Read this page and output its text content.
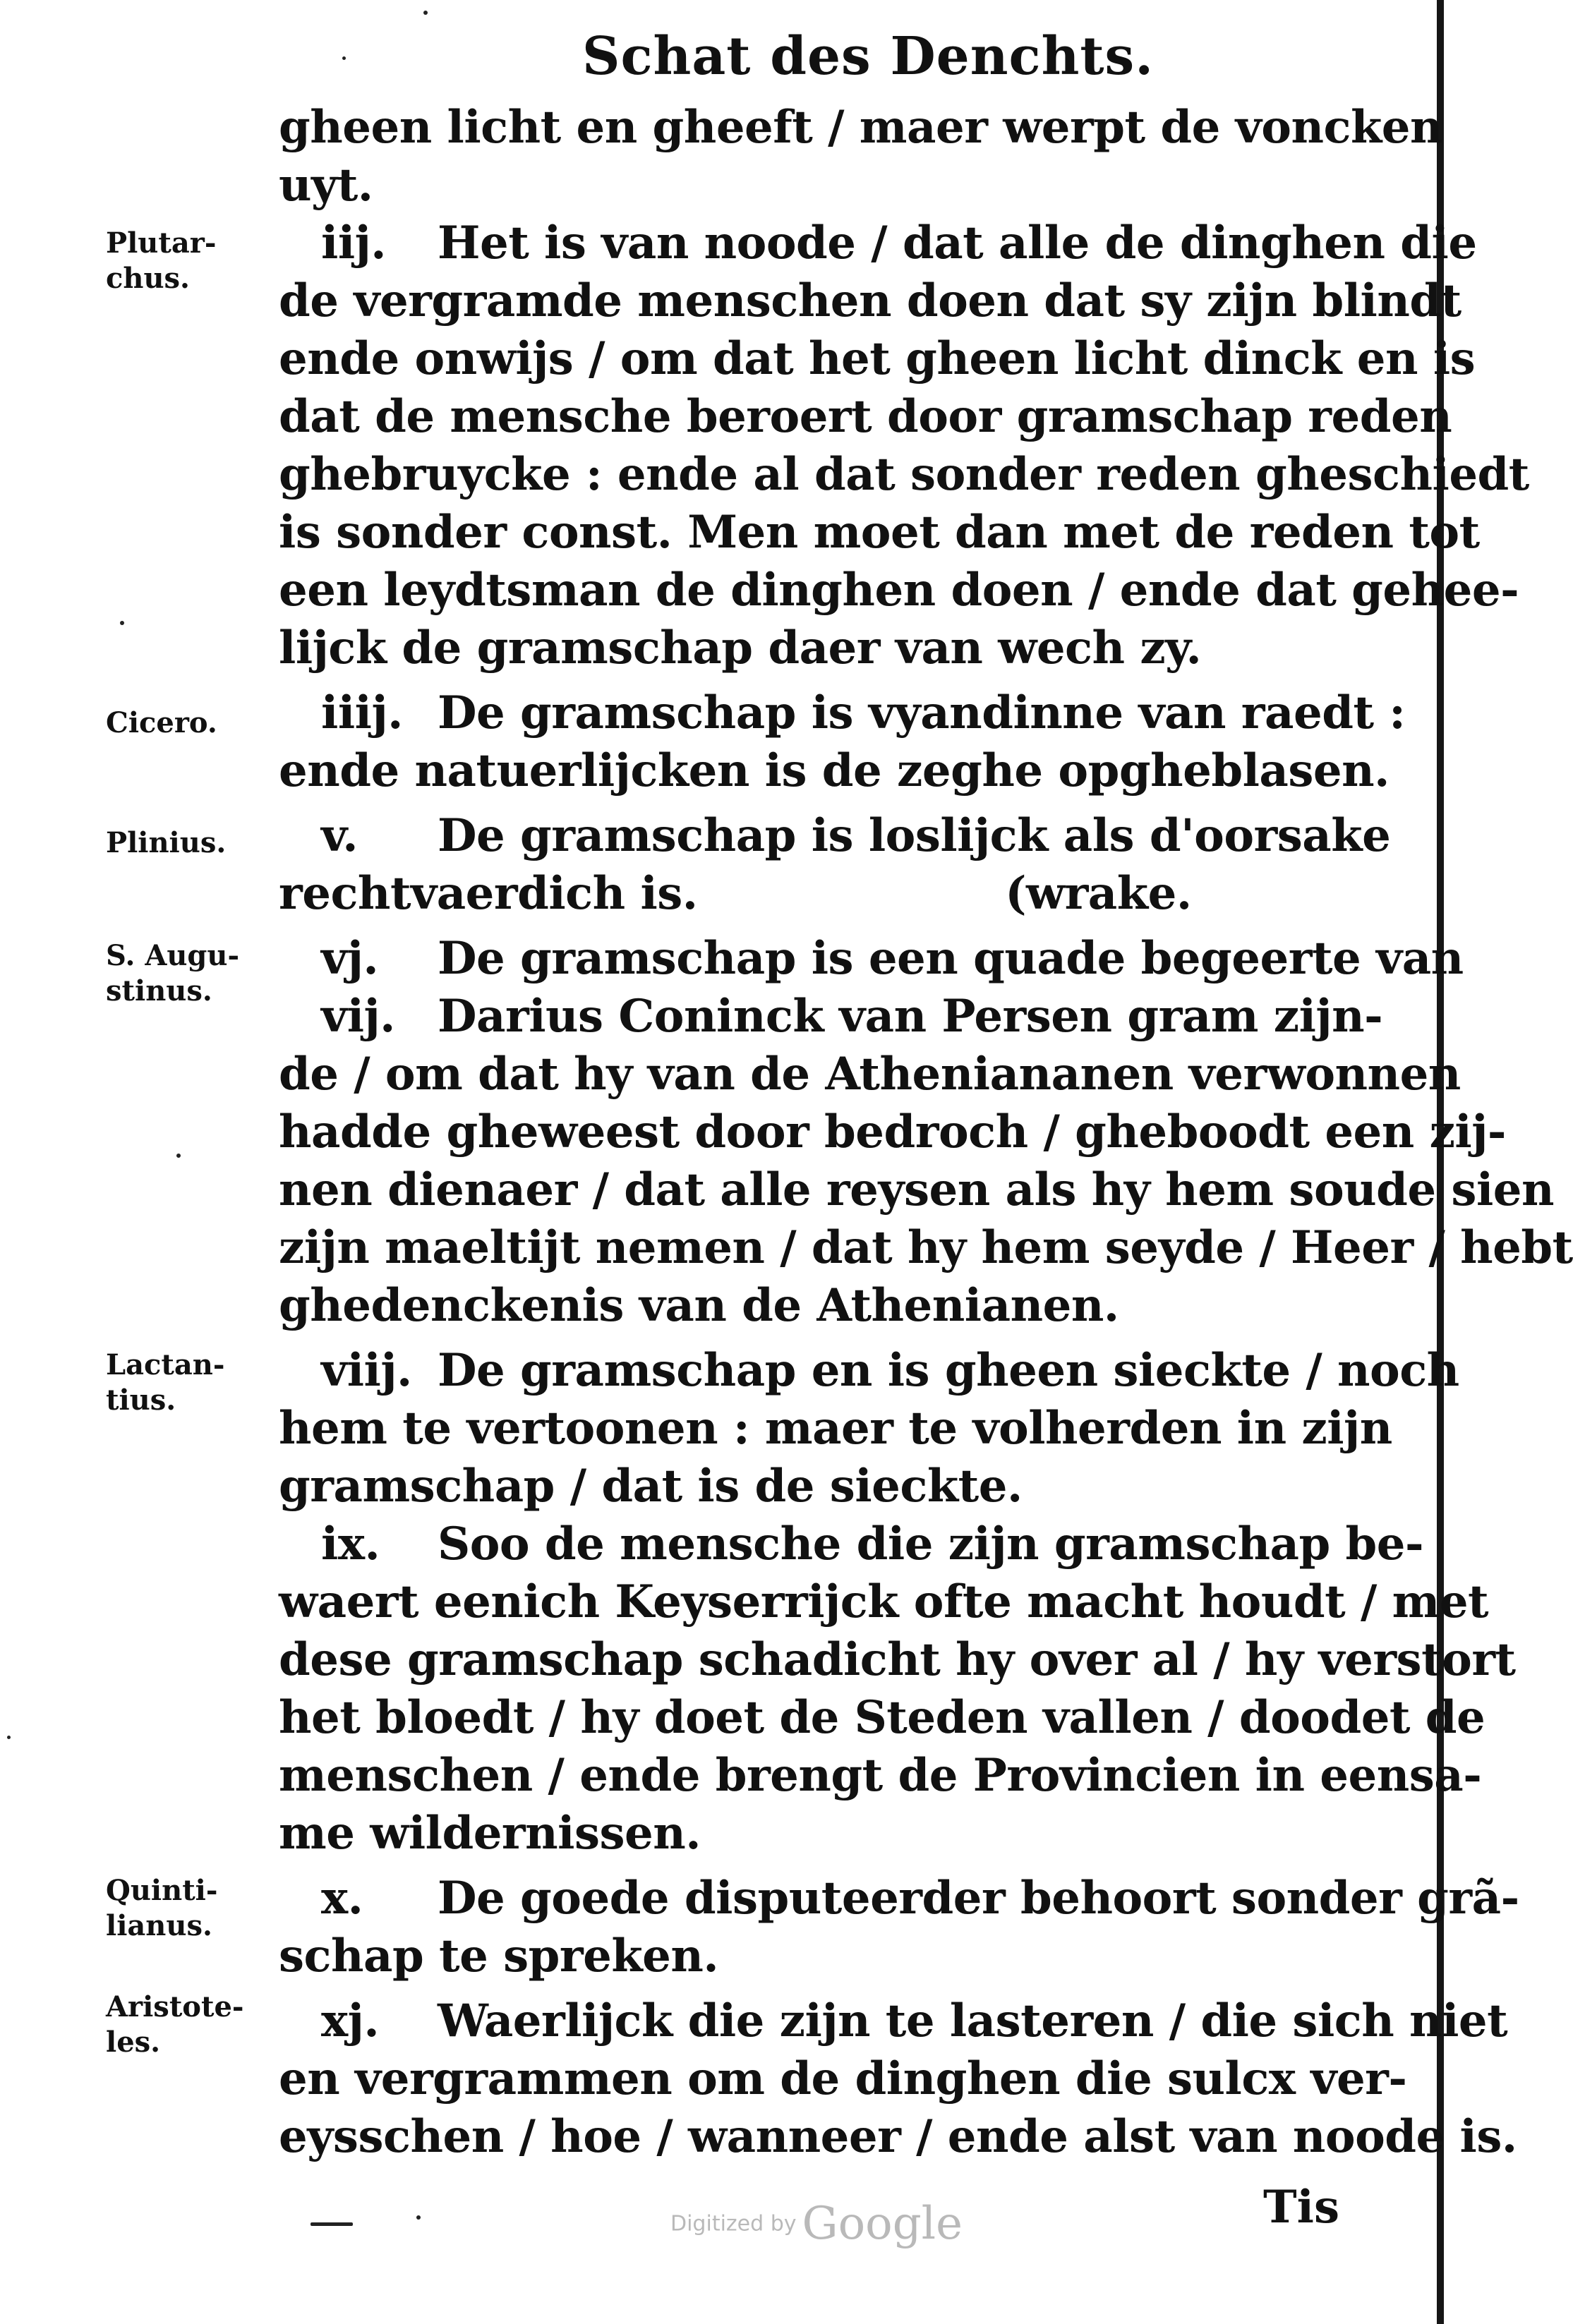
Schat des Denchts.
Plutar-
chus.
Cicero.
Plinius.
S. Augu-
stinus.
Lactan-
tius.
Quinti-
lianus.
Aristote-
les.
gheen licht en gheeft / maer werpt de voncken
uyt.
iij. Het is van noode / dat alle de dinghen die
de vergramde menschen doen dat sy zijn blindt
ende onwijs / om dat het gheen licht dinck en is
dat de mensche beroert door gramschap reden
ghebruycke : ende al dat sonder reden gheschiedt
is sonder const. Men moet dan met de reden tot
een leydtsman de dinghen doen / ende dat gehee-
lijck de gramschap daer van wech zy.
iiij. De gramschap is vyandinne van raedt :
ende natuerlijcken is de zeghe opgheblasen.
v. De gramschap is loslijck als d'oorsake
rechtvaerdich is.                    (wrake.
vj. De gramschap is een quade begeerte van
vij. Darius Coninck van Persen gram zijn-
de / om dat hy van de Atheniananen verwonnen
hadde gheweest door bedroch / gheboodt een zij-
nen dienaer / dat alle reysen als hy hem soude sien
zijn maeltijt nemen / dat hy hem seyde / Heer / hebt
ghedenckenis van de Athenianen.
viij. De gramschap en is gheen sieckte / noch
hem te vertoonen : maer te volherden in zijn
gramschap / dat is de sieckte.
ix. Soo de mensche die zijn gramschap be-
waert eenich Keyserrijck ofte macht houdt / met
dese gramschap schadicht hy over al / hy verstort
het bloedt / hy doet de Steden vallen / doodet de
menschen / ende brengt de Provincien in eensa-
me wildernissen.
x. De goede disputeerder behoort sonder grã-
schap te spreken.
xj. Waerlijck die zijn te lasteren / die sich niet
en vergrammen om de dinghen die sulcx ver-
eysschen / hoe / wanneer / ende alst van noode is.
Tis
Digitized by Google
